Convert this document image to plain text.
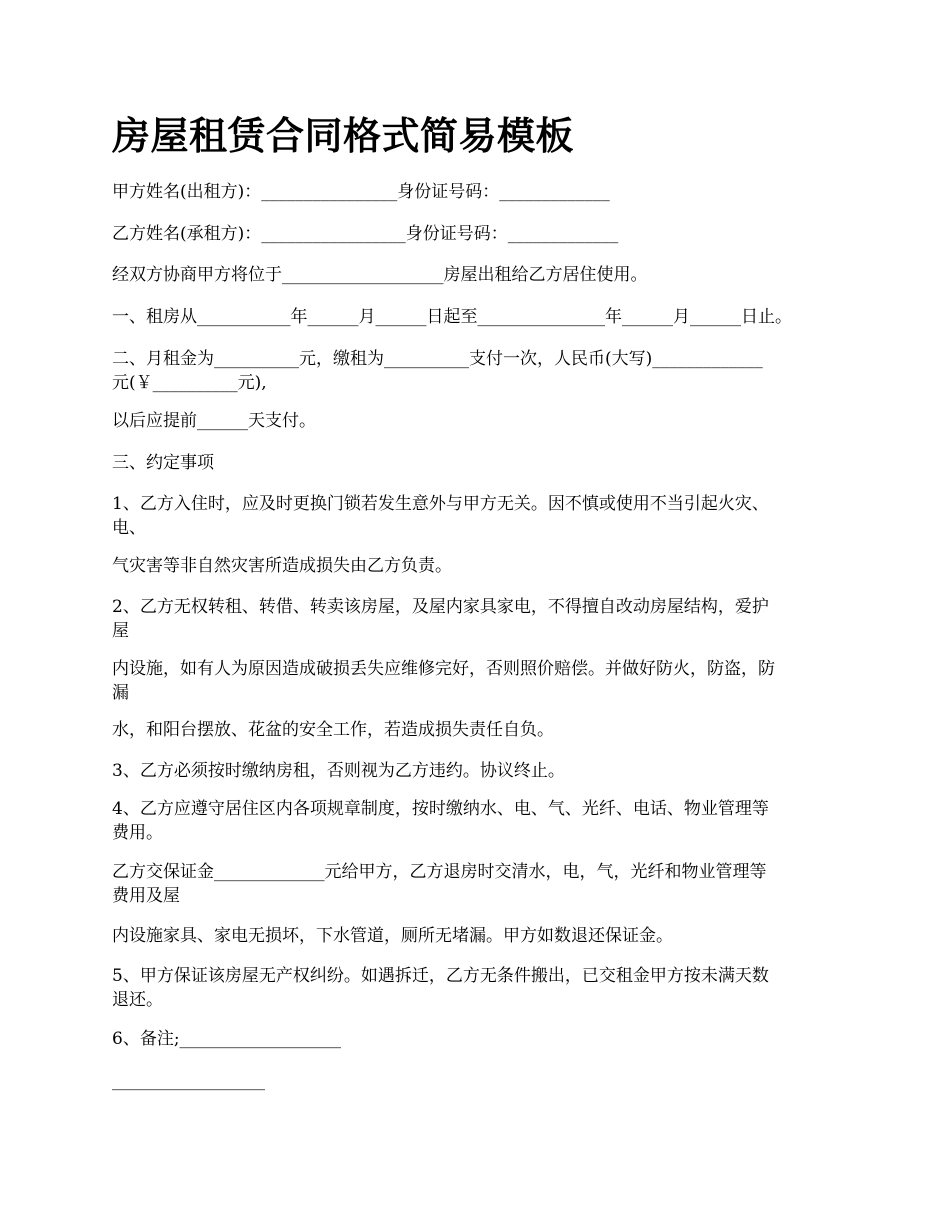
房屋租赁合同格式简易模板
甲方姓名(出租方)：________________身份证号码：_____________
乙方姓名(承租方)：_________________身份证号码：_____________
经双方协商甲方将位于___________________房屋出租给乙方居住使用。
一、租房从___________年______月______日起至_______________年______月______日止。
二、月租金为__________元，缴租为__________支付一次，人民币(大写)_____________
元(￥__________元),
以后应提前______天支付。
三、约定事项
1、乙方入住时，应及时更换门锁若发生意外与甲方无关。因不慎或使用不当引起火灾、
电、
气灾害等非自然灾害所造成损失由乙方负责。
2、乙方无权转租、转借、转卖该房屋，及屋内家具家电，不得擅自改动房屋结构，爱护
屋
内设施，如有人为原因造成破损丢失应维修完好，否则照价赔偿。并做好防火，防盗，防
漏
水，和阳台摆放、花盆的安全工作，若造成损失责任自负。
3、乙方必须按时缴纳房租，否则视为乙方违约。协议终止。
4、乙方应遵守居住区内各项规章制度，按时缴纳水、电、气、光纤、电话、物业管理等
费用。
乙方交保证金_____________元给甲方，乙方退房时交清水，电，气，光纤和物业管理等
费用及屋
内设施家具、家电无损坏，下水管道，厕所无堵漏。甲方如数退还保证金。
5、甲方保证该房屋无产权纠纷。如遇拆迁，乙方无条件搬出，已交租金甲方按未满天数
退还。
6、备注;___________________
__________________
